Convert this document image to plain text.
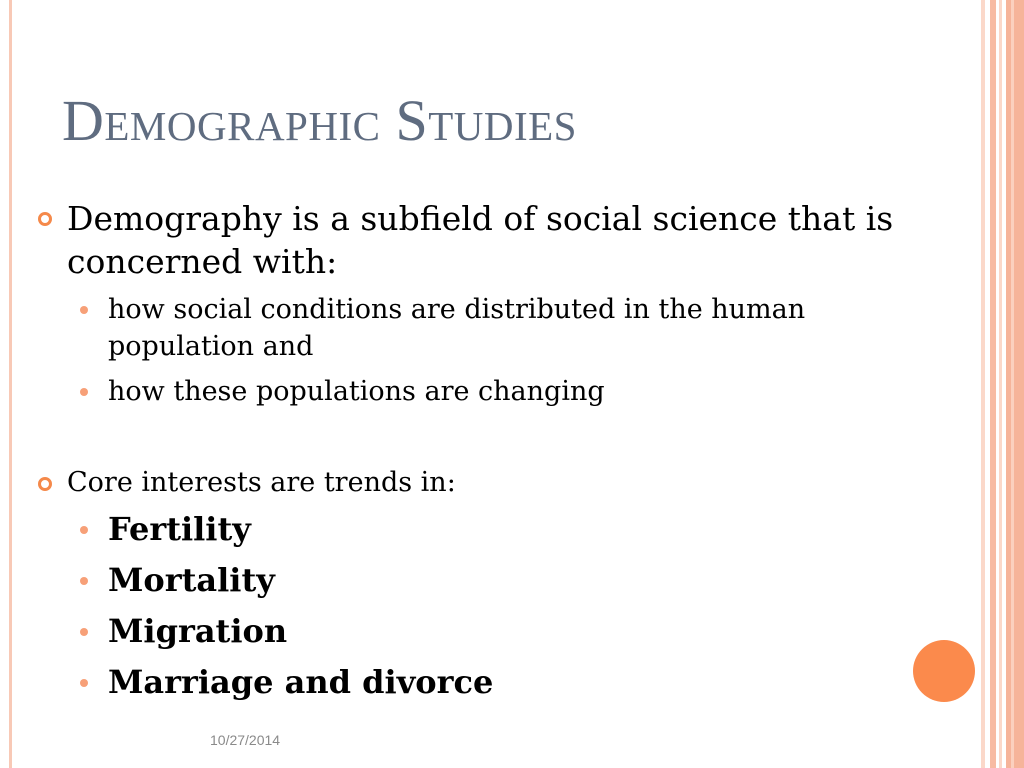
Demographic Studies

Demography is a subfield of social science that is

concerned with:

how social conditions are distributed in the human

population and

how these populations are changing

Core interests are trends in:

Fertility

Mortality

Migration

Marriage and divorce

10/27/2014
